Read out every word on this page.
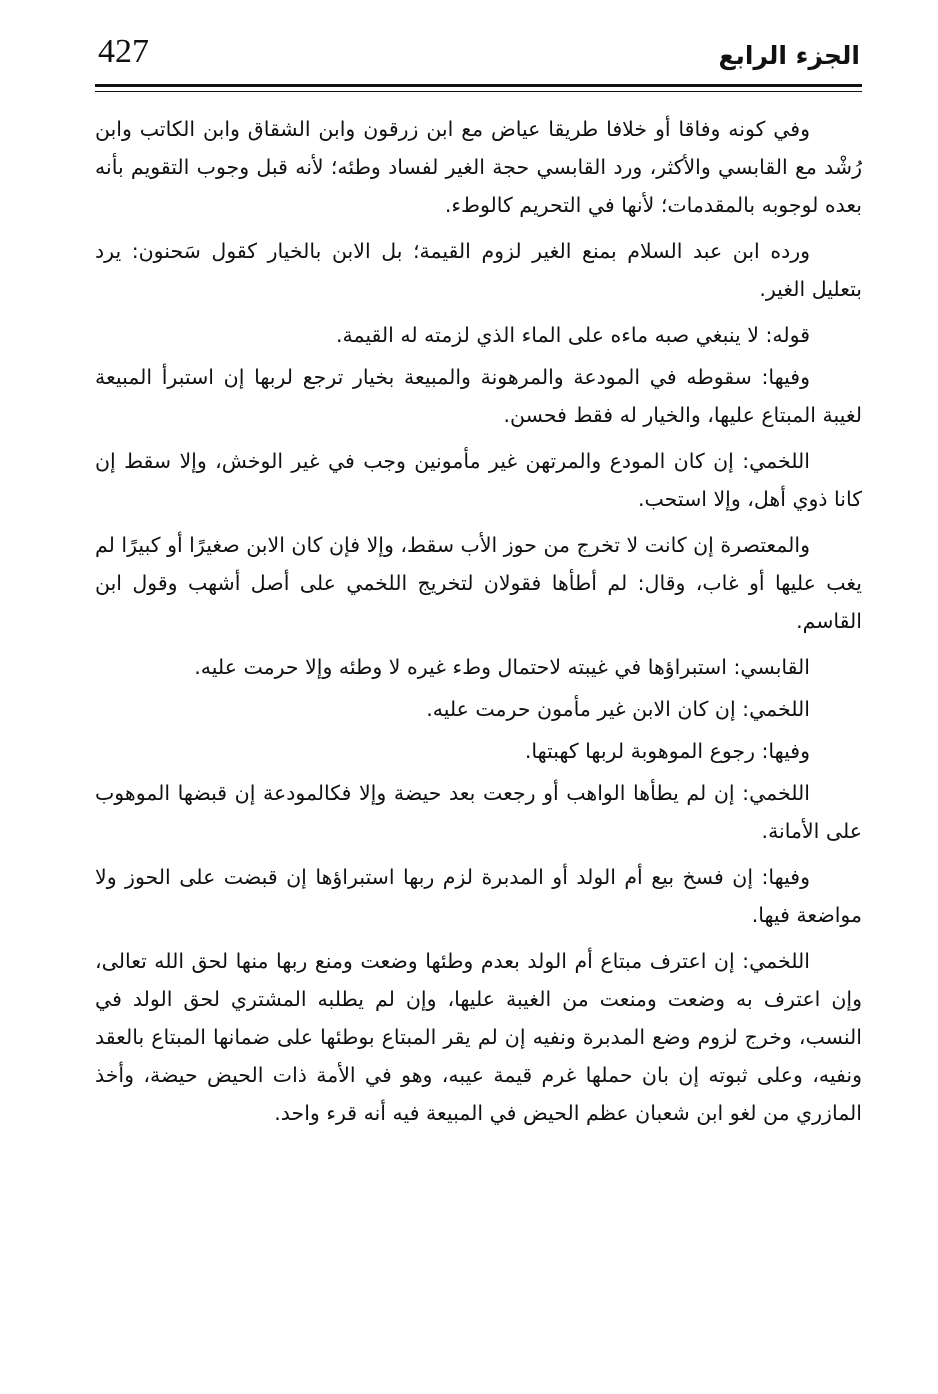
427	الجزء الرابع

وفي كونه وفاقا أو خلافا طريقا عياض مع ابن زرقون وابن الشقاق وابن الكاتب وابن رُشْد مع القابسي والأكثر، ورد القابسي حجة الغير لفساد وطئه؛ لأنه قبل وجوب التقويم بأنه بعده لوجوبه بالمقدمات؛ لأنها في التحريم كالوطء.

ورده ابن عبد السلام بمنع الغير لزوم القيمة؛ بل الابن بالخيار كقول سَحنون: يرد بتعليل الغير.

قوله: لا ينبغي صبه ماءه على الماء الذي لزمته له القيمة.

وفيها: سقوطه في المودعة والمرهونة والمبيعة بخيار ترجع لربها إن استبرأ المبيعة لغيبة المبتاع عليها، والخيار له فقط فحسن.

اللخمي: إن كان المودع والمرتهن غير مأمونين وجب في غير الوخش، وإلا سقط إن كانا ذوي أهل، وإلا استحب.

والمعتصرة إن كانت لا تخرج من حوز الأب سقط، وإلا فإن كان الابن صغيرًا أو كبيرًا لم يغب عليها أو غاب، وقال: لم أطأها فقولان لتخريج اللخمي على أصل أشهب وقول ابن القاسم.

القابسي: استبراؤها في غيبته لاحتمال وطء غيره لا وطئه وإلا حرمت عليه.

اللخمي: إن كان الابن غير مأمون حرمت عليه.

وفيها: رجوع الموهوبة لربها كهبتها.

اللخمي: إن لم يطأها الواهب أو رجعت بعد حيضة وإلا فكالمودعة إن قبضها الموهوب على الأمانة.

وفيها: إن فسخ بيع أم الولد أو المدبرة لزم ربها استبراؤها إن قبضت على الحوز ولا مواضعة فيها.

اللخمي: إن اعترف مبتاع أم الولد بعدم وطئها وضعت ومنع ربها منها لحق الله تعالى، وإن اعترف به وضعت ومنعت من الغيبة عليها، وإن لم يطلبه المشتري لحق الولد في النسب، وخرج لزوم وضع المدبرة ونفيه إن لم يقر المبتاع بوطئها على ضمانها المبتاع بالعقد ونفيه، وعلى ثبوته إن بان حملها غرم قيمة عيبه، وهو في الأمة ذات الحيض حيضة، وأخذ المازري من لغو ابن شعبان عظم الحيض في المبيعة فيه أنه قرء واحد.
